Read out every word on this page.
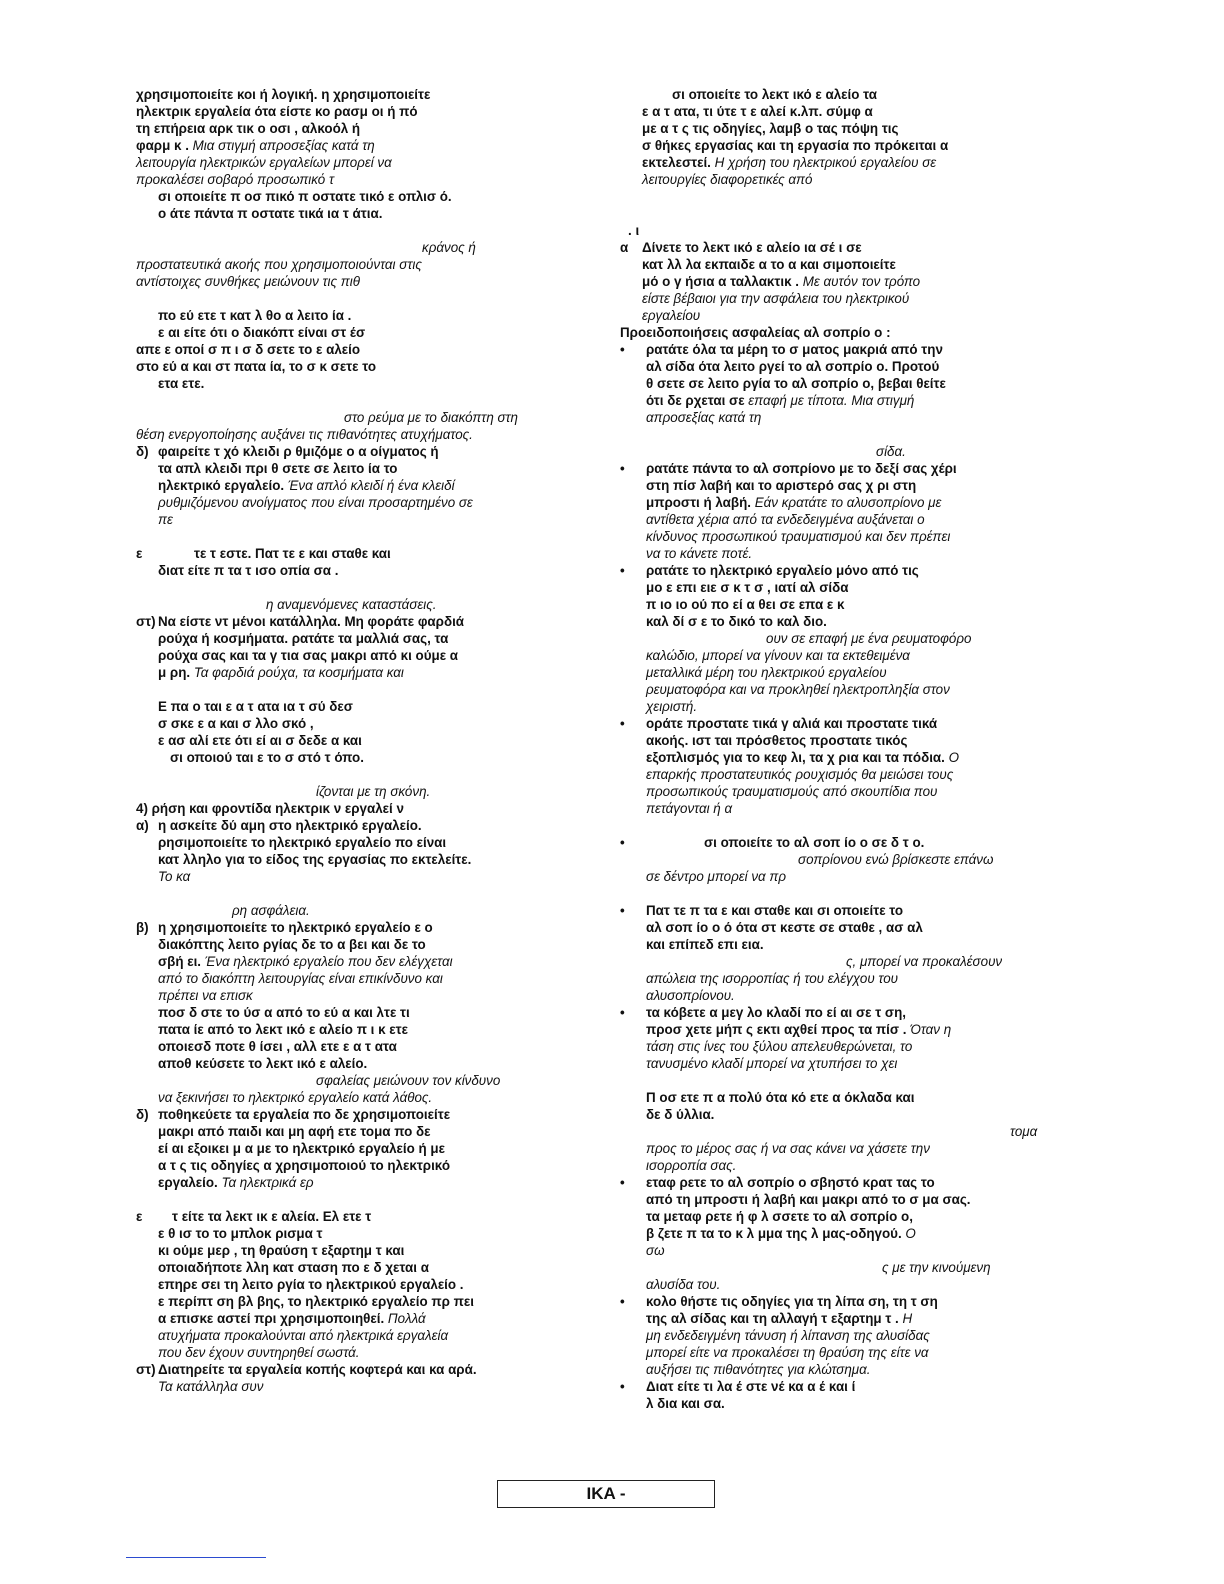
χρησιμοποιείτε κοι ή λογική. η χρησιμοποιείτε

ηλεκτρικ εργαλεία ότα είστε κο ρασμ οι ή πό

τη επήρεια αρκ τικ ο οσι , αλκοόλ ή

φαρμ κ . Μια στιγμή απροσεξίας κατά τη

λειτουργία ηλεκτρικών εργαλείων μπορεί να

προκαλέσει σοβαρό προσωπικό τ

σι οποιείτε π οσ πικό π οστατε τικό ε οπλισ ό.

ο άτε πάντα π οστατε τικά ια τ άτια.

κράνος ή

προστατευτικά ακοής που χρησιμοποιούνται στις

αντίστοιχες συνθήκες μειώνουν τις πιθ

πο εύ ετε τ κατ λ θο α λειτο ία .

ε αι είτε ότι ο διακόπτ είναι στ έσ

απε ε οποί σ π ι σ δ σετε το ε αλείο

στο εύ α και στ πατα ία, το σ κ σετε το

ετα ετε.

στο ρεύμα με το διακόπτη στη

θέση ενεργοποίησης αυξάνει τις πιθανότητες ατυχήματος.

δ) φαιρείτε τ χό κλειδι ρ θμιζόμε ο α οίγματος ή

τα απλ κλειδι πρι θ σετε σε λειτο ία το

ηλεκτρικό εργαλείο. Ένα απλό κλειδί ή ένα κλειδί

ρυθμιζόμενου ανοίγματος που είναι προσαρτημένο σε

πε

ε	τε τ εστε. Πατ τε ε και σταθε και

διατ είτε π τα τ ισο οπία σα .

η αναμενόμενες καταστάσεις.

στ) Να είστε ντ μένοι κατάλληλα. Μη φοράτε φαρδιά

ρούχα ή κοσμήματα. ρατάτε τα μαλλιά σας, τα

ρούχα σας και τα γ τια σας μακρι από κι ούμε α

μ ρη. Τα φαρδιά ρούχα, τα κοσμήματα και

Ε πα ο ται ε α τ ατα ια τ σύ δεσ

σ σκε ε α και σ λλο σκό ,

ε ασ αλί ετε ότι εί αι σ δεδε α και

σι οποιού ται ε το σ στό τ όπο.

ίζονται με τη σκόνη.

4) ρήση και φροντίδα ηλεκτρικ ν εργαλεί ν

α) η ασκείτε δύ αμη στο ηλεκτρικό εργαλείο.

ρησιμοποιείτε το ηλεκτρικό εργαλείο πο είναι

κατ λληλο για το είδος της εργασίας πο εκτελείτε.

Το κα

ρη ασφάλεια.

β) η χρησιμοποιείτε το ηλεκτρικό εργαλείο ε ο

διακόπτης λειτο ργίας δε το α βει και δε το

σβή ει. Ένα ηλεκτρικό εργαλείο που δεν ελέγχεται

από το διακόπτη λειτουργίας είναι επικίνδυνο και

πρέπει να επισκ

ποσ δ στε το ύσ α από το εύ α και λτε τι

πατα ίε από το λεκτ ικό ε αλείο π ι κ ετε

οποιεσδ ποτε θ ίσει , αλλ ετε ε α τ ατα

αποθ κεύσετε το λεκτ ικό ε αλείο.

σφαλείας μειώνουν τον κίνδυνο

να ξεκινήσει το ηλεκτρικό εργαλείο κατά λάθος.

δ) ποθηκεύετε τα εργαλεία πο δε χρησιμοποιείτε

μακρι από παιδι και μη αφή ετε τομα πο δε

εί αι εξοικει μ α με το ηλεκτρικό εργαλείο ή με

α τ ς τις οδηγίες α χρησιμοποιού το ηλεκτρικό

εργαλείο. Τα ηλεκτρικά ερ

ε τ είτε τα λεκτ ικ ε αλεία. Ελ ετε τ

ε θ ισ το το μπλοκ ρισμα τ

κι ούμε μερ , τη θραύση τ εξαρτημ τ και

οποιαδήποτε λλη κατ σταση πο ε δ χεται α

επηρε σει τη λειτο ργία το ηλεκτρικού εργαλείο .

ε περίπτ ση βλ βης, το ηλεκτρικό εργαλείο πρ πει

α επισκε αστεί πρι χρησιμοποιηθεί. Πολλά

ατυχήματα προκαλούνται από ηλεκτρικά εργαλεία

που δεν έχουν συντηρηθεί σωστά.

στ) Διατηρείτε τα εργαλεία κοπής κοφτερά και κα αρά.

Τα κατάλληλα συν

σι οποιείτε το λεκτ ικό ε αλείο τα

ε α τ ατα, τι ύτε τ ε αλεί κ.λπ. σύμφ α

με α τ ς τις οδηγίες, λαμβ ο τας πόψη τις

σ θήκες εργασίας και τη εργασία πο πρόκειται α

εκτελεστεί. Η χρήση του ηλεκτρικού εργαλείου σε

λειτουργίες διαφορετικές από

. ι

α Δίνετε το λεκτ ικό ε αλείο ια σέ ι σε

κατ λλ λα εκπαιδε α το α και σιμοποιείτε

μό ο γ ήσια α ταλλακτικ . Με αυτόν τον τρόπο

είστε βέβαιοι για την ασφάλεια του ηλεκτρικού

εργαλείου

Προειδοποιήσεις ασφαλείας αλ σοπρίο ο :

• ρατάτε όλα τα μέρη το σ ματος μακριά από την

αλ σίδα ότα λειτο ργεί το αλ σοπρίο ο. Προτού

θ σετε σε λειτο ργία το αλ σοπρίο ο, βεβαι θείτε

ότι δε ρχεται σε επαφή με τίποτα. Μια στιγμή

απροσεξίας κατά τη

σίδα.

• ρατάτε πάντα το αλ σοπρίονο με το δεξί σας χέρι

στη πίσ λαβή και το αριστερό σας χ ρι στη

μπροστι ή λαβή. Εάν κρατάτε το αλυσοπρίονο με

αντίθετα χέρια από τα ενδεδειγμένα αυξάνεται ο

κίνδυνος προσωπικού τραυματισμού και δεν πρέπει

να το κάνετε ποτέ.

• ρατάτε το ηλεκτρικό εργαλείο μόνο από τις

μο ε επι ειε σ κ τ σ , ιατί αλ σίδα

π ιο ιο ού πο εί α θει σε επα ε κ

καλ δί σ ε το δικό το καλ διο.

ουν σε επαφή με ένα ρευματοφόρο

καλώδιο, μπορεί να γίνουν και τα εκτεθειμένα

μεταλλικά μέρη του ηλεκτρικού εργαλείου

ρευματοφόρα και να προκληθεί ηλεκτροπληξία στον

χειριστή.

• οράτε προστατε τικά γ αλιά και προστατε τικά

ακοής. ιστ ται πρόσθετος προστατε τικός

εξοπλισμός για το κεφ λι, τα χ ρια και τα πόδια. Ο

επαρκής προστατευτικός ρουχισμός θα μειώσει τους

προσωπικούς τραυματισμούς από σκουπίδια που

πετάγονται ή α

•	σι οποιείτε το αλ σοπ ίο ο σε δ τ ο.

σοπρίονου ενώ βρίσκεστε επάνω

σε δέντρο μπορεί να πρ

• Πατ τε π τα ε και σταθε και σι οποιείτε το

αλ σοπ ίο ο ό ότα στ κεστε σε σταθε , ασ αλ

και επίπεδ επι εια.

ς, μπορεί να προκαλέσουν

απώλεια της ισορροπίας ή του ελέγχου του

αλυσοπρίονου.

• τα κόβετε α μεγ λο κλαδί πο εί αι σε τ ση,

προσ χετε μήπ ς εκτι αχθεί προς τα πίσ . Όταν η

τάση στις ίνες του ξύλου απελευθερώνεται, το

τανυσμένο κλαδί μπορεί να χτυπήσει το χει

Π οσ ετε π α πολύ ότα κό ετε α όκλαδα και

δε δ ύλλια.

τομα

προς το μέρος σας ή να σας κάνει να χάσετε την

ισορροπία σας.

• εταφ ρετε το αλ σοπρίο ο σβηστό κρατ τας το

από τη μπροστι ή λαβή και μακρι από το σ μα σας.

τα μεταφ ρετε ή φ λ σσετε το αλ σοπρίο ο,

β ζετε π τα το κ λ μμα της λ μας-οδηγού. Ο

σω

ς με την κινούμενη

αλυσίδα του.

• κολο θήστε τις οδηγίες για τη λίπα ση, τη τ ση

της αλ σίδας και τη αλλαγή τ εξαρτημ τ . Η

μη ενδεδειγμένη τάνυση ή λίπανση της αλυσίδας

μπορεί είτε να προκαλέσει τη θραύση της είτε να

αυξήσει τις πιθανότητες για κλώτσημα.

• Διατ είτε τι λα έ στε νέ κα α έ και ί

λ δια και σα.

IKA -
